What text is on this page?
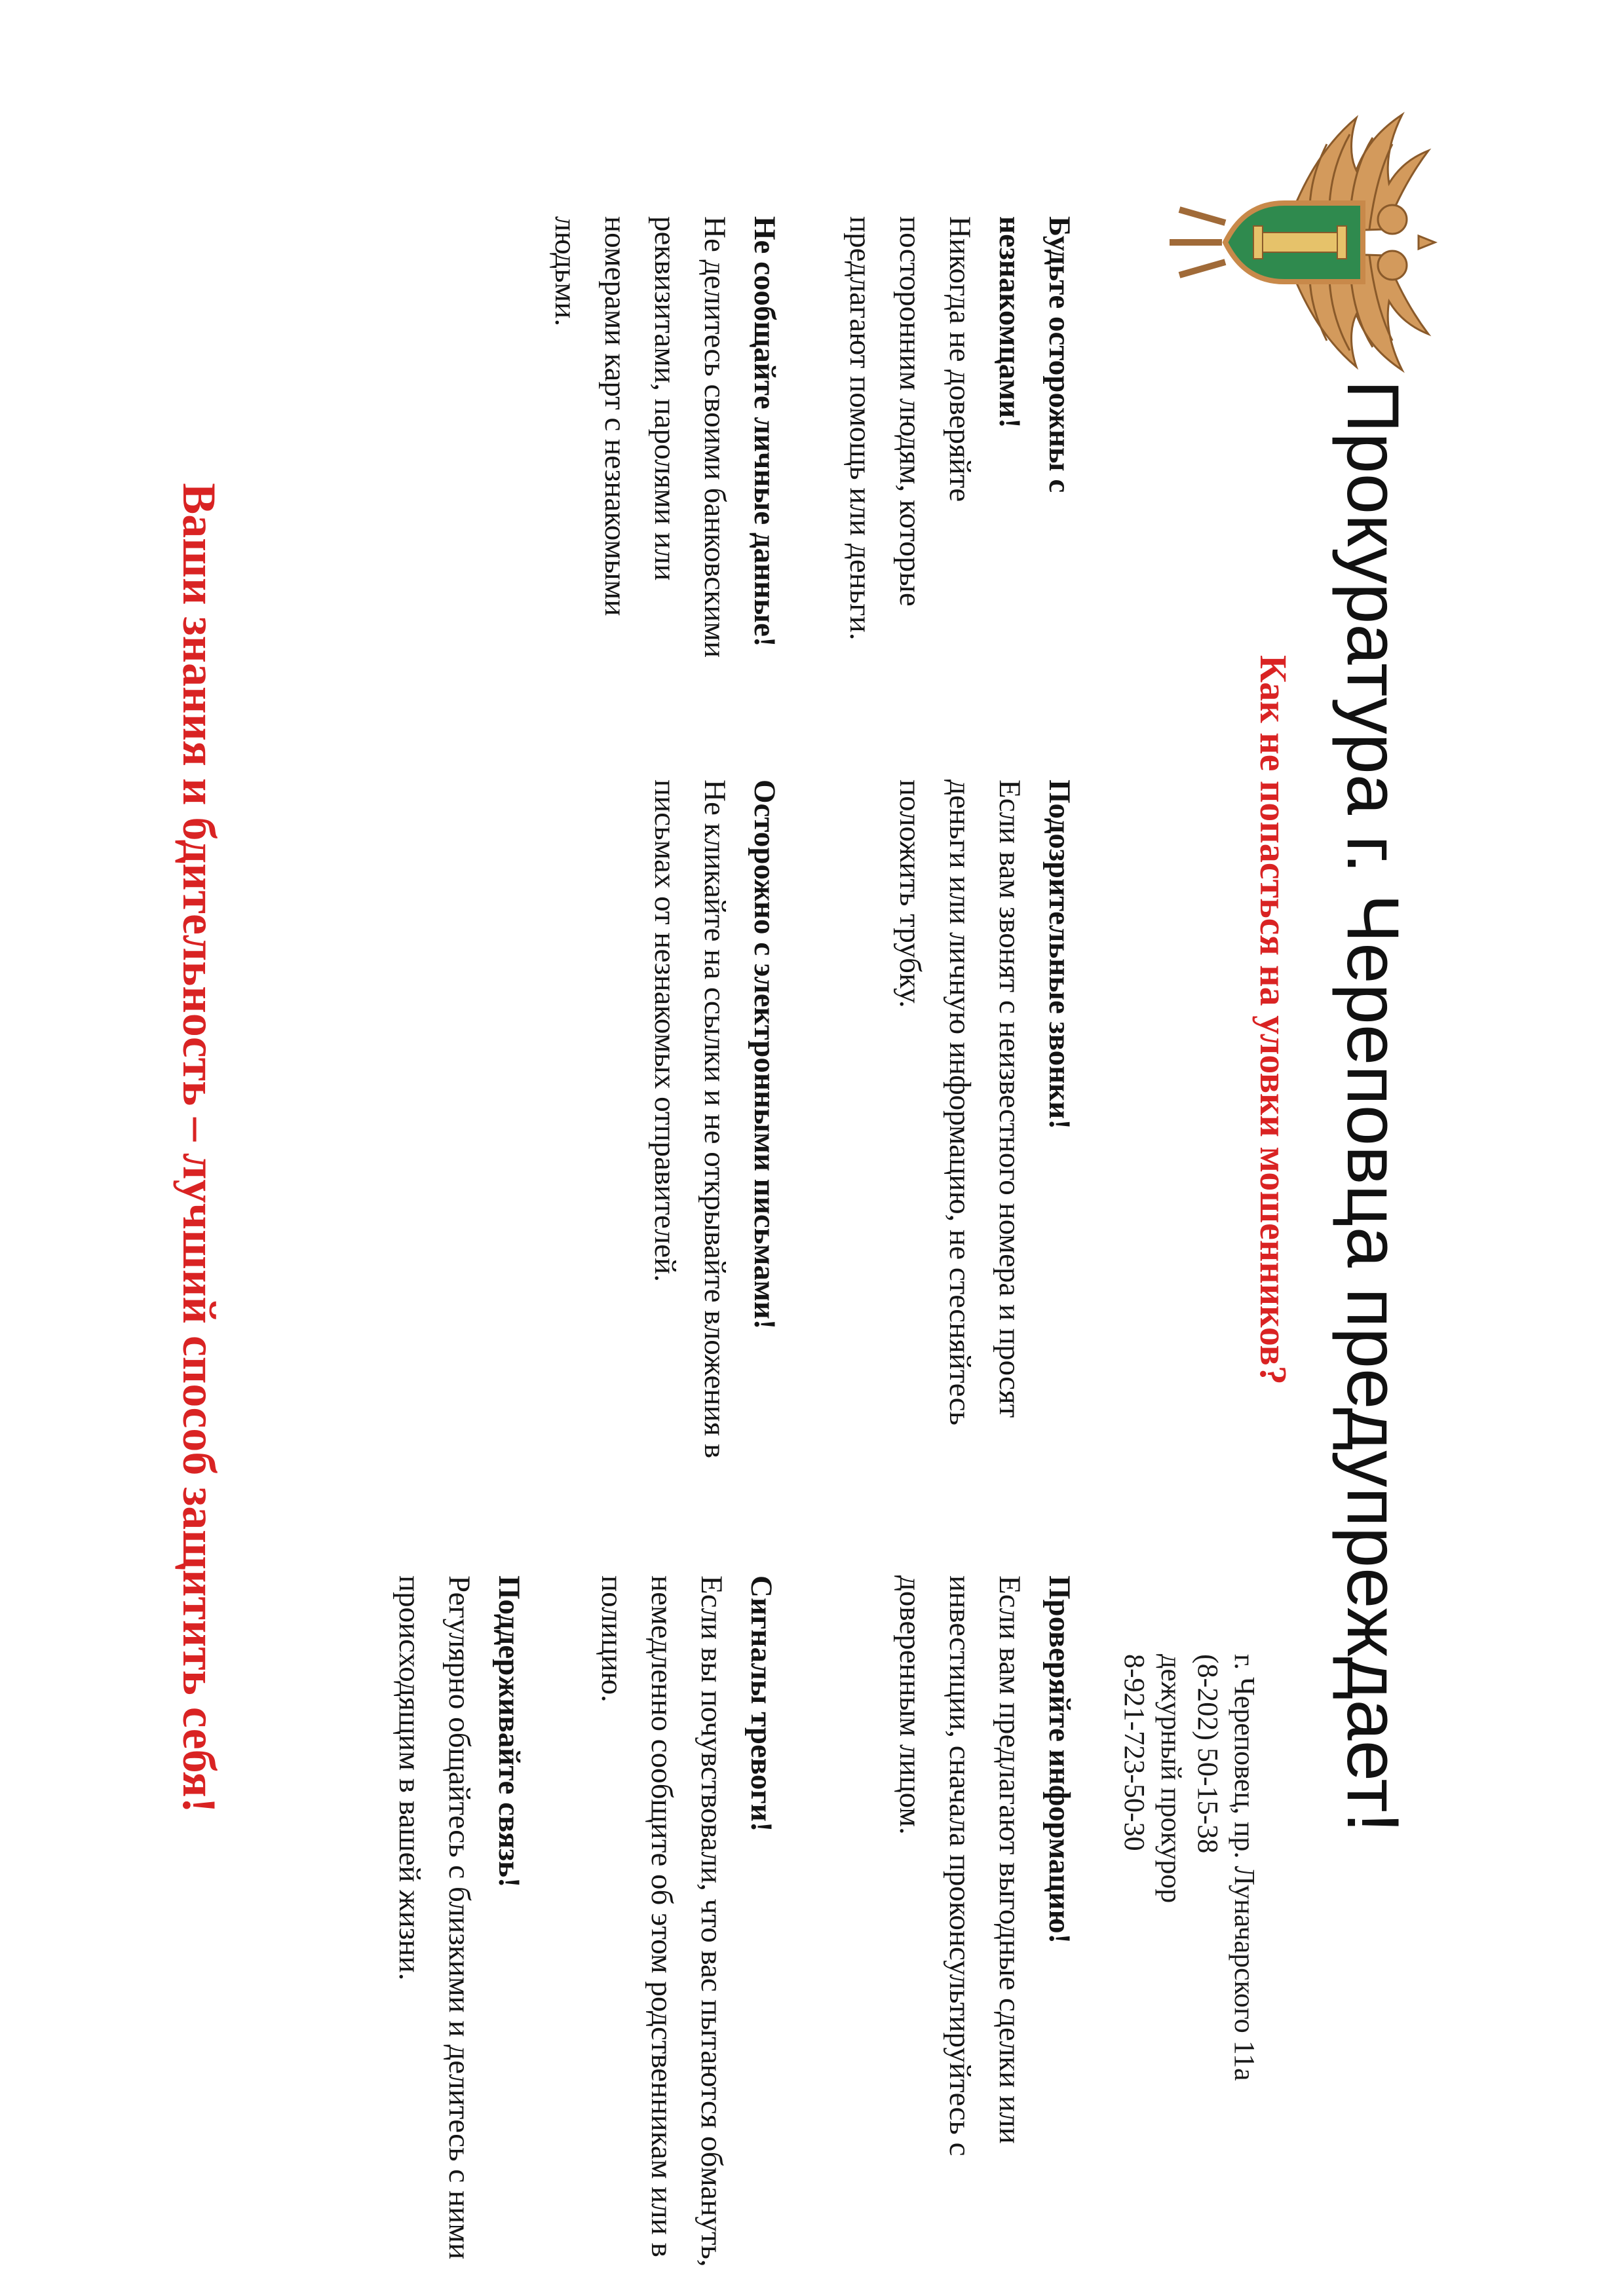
Прокуратура г. Череповца предупреждает!
Как не попасться на уловки мошенников?
г. Череповец, пр. Луначарского 11а
(8-202) 50-15-38
дежурный прокурор
8-921-723-50-30
Будьте осторожны с незнакомцами!
Никогда не доверяйте посторонним людям, которые предлагают помощь или деньги.
Подозрительные звонки!
Если вам звонят с неизвестного номера и просят деньги или личную информацию, не стесняйтесь положить трубку.
Проверяйте информацию!
Если вам предлагают выгодные сделки или инвестиции, сначала проконсультируйтесь с доверенным лицом.
Не сообщайте личные данные!
Не делитесь своими банковскими реквизитами, паролями или номерами карт с незнакомыми людьми.
Осторожно с электронными письмами!
Не кликайте на ссылки и не открывайте вложения в письмах от незнакомых отправителей.
Сигналы тревоги!
Если вы почувствовали, что вас пытаются обмануть, немедленно сообщите об этом родственникам или в полицию.
Поддерживайте связь!
Регулярно общайтесь с близкими и делитесь с ними происходящим в вашей жизни.
Ваши знания и бдительность – лучший способ защитить себя!
